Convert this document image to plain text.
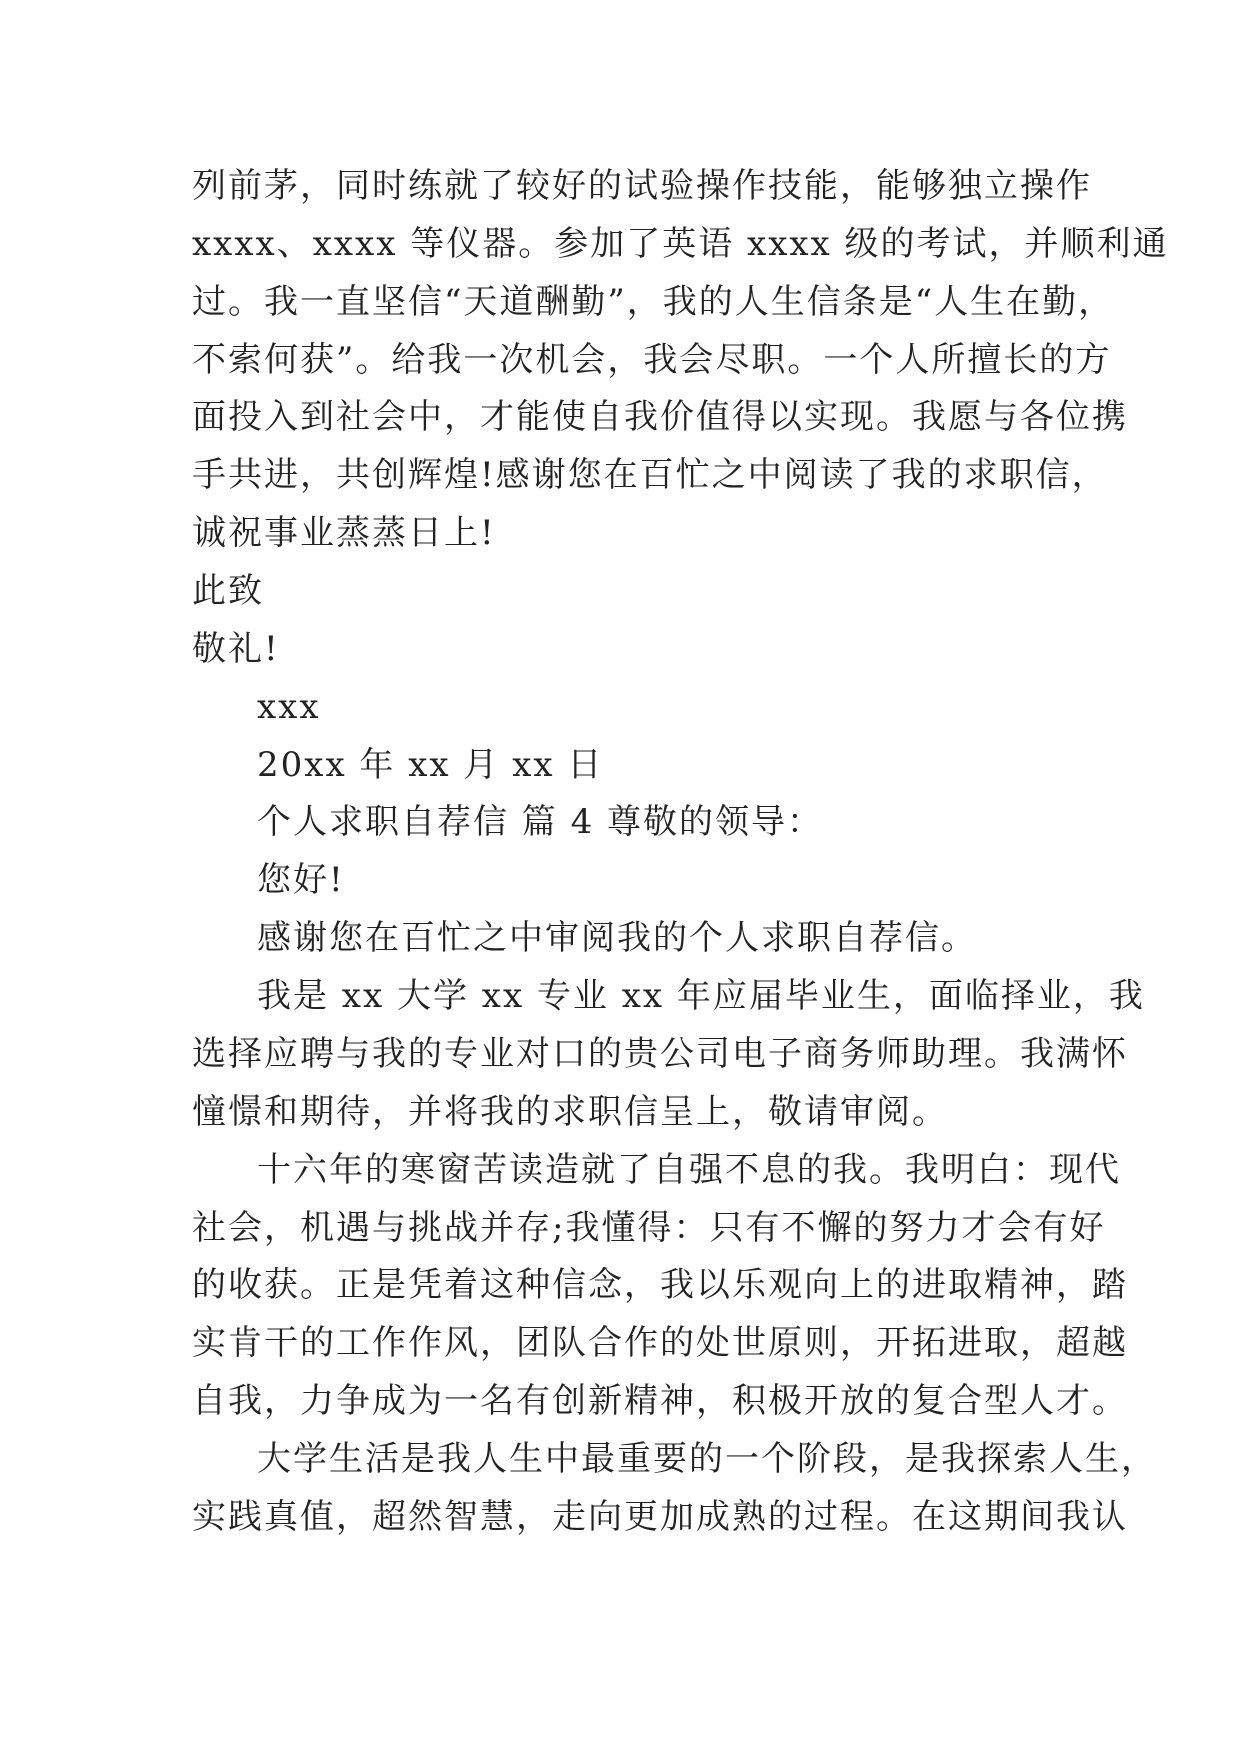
列前茅，同时练就了较好的试验操作技能，能够独立操作
xxxx、xxxx 等仪器。参加了英语 xxxx 级的考试，并顺利通
过。我一直坚信“天道酬勤”，我的人生信条是“人生在勤，
不索何获”。给我一次机会，我会尽职。一个人所擅长的方
面投入到社会中，才能使自我价值得以实现。我愿与各位携
手共进，共创辉煌!感谢您在百忙之中阅读了我的求职信，
诚祝事业蒸蒸日上!
此致
敬礼!
xxx
20xx 年 xx 月 xx 日
个人求职自荐信 篇 4 尊敬的领导：
您好!
感谢您在百忙之中审阅我的个人求职自荐信。
我是 xx 大学 xx 专业 xx 年应届毕业生，面临择业，我
选择应聘与我的专业对口的贵公司电子商务师助理。我满怀
憧憬和期待，并将我的求职信呈上，敬请审阅。
十六年的寒窗苦读造就了自强不息的我。我明白：现代
社会，机遇与挑战并存;我懂得：只有不懈的努力才会有好
的收获。正是凭着这种信念，我以乐观向上的进取精神，踏
实肯干的工作作风，团队合作的处世原则，开拓进取，超越
自我，力争成为一名有创新精神，积极开放的复合型人才。
大学生活是我人生中最重要的一个阶段，是我探索人生，
实践真值，超然智慧，走向更加成熟的过程。在这期间我认
